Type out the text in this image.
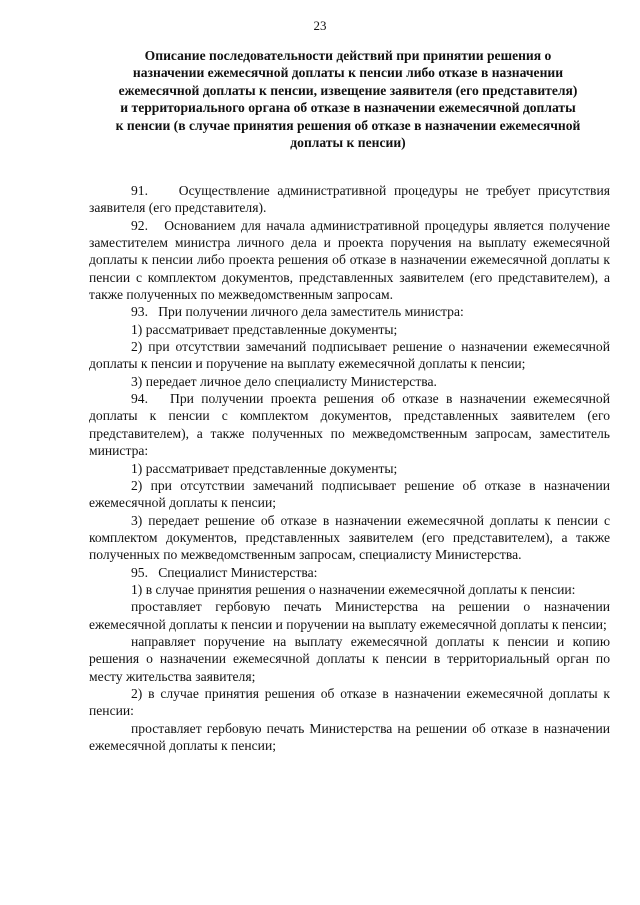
23
Описание последовательности действий при принятии решения о
назначении ежемесячной доплаты к пенсии либо отказе в назначении
ежемесячной доплаты к пенсии, извещение заявителя (его представителя)
и территориального органа об отказе в назначении ежемесячной доплаты
к пенсии (в случае принятия решения об отказе в назначении ежемесячной
доплаты к пенсии)

91.    Осуществление административной процедуры не требует присутствия заявителя (его представителя).

92.   Основанием для начала административной процедуры является получение заместителем министра личного дела и проекта поручения на выплату ежемесячной доплаты к пенсии либо проекта решения об отказе в назначении ежемесячной доплаты к пенсии с комплектом документов, представленных заявителем (его представителем), а также полученных по межведомственным запросам.

93.   При получении личного дела заместитель министра:

1) рассматривает представленные документы;

2) при отсутствии замечаний подписывает решение о назначении ежемесячной доплаты к пенсии и поручение на выплату ежемесячной доплаты к пенсии;

3) передает личное дело специалисту Министерства.

94.   При получении проекта решения об отказе в назначении ежемесячной доплаты к пенсии с комплектом документов, представленных заявителем (его представителем), а также полученных по межведомственным запросам, заместитель министра:

1) рассматривает представленные документы;

2) при отсутствии замечаний подписывает решение об отказе в назначении ежемесячной доплаты к пенсии;

3) передает решение об отказе в назначении ежемесячной доплаты к пенсии с комплектом документов, представленных заявителем (его представителем), а также полученных по межведомственным запросам, специалисту Министерства.

95.   Специалист Министерства:

1) в случае принятия решения о назначении ежемесячной доплаты к пенсии:

проставляет гербовую печать Министерства на решении о назначении ежемесячной доплаты к пенсии и поручении на выплату ежемесячной доплаты к пенсии;

направляет поручение на выплату ежемесячной доплаты к пенсии и копию решения о назначении ежемесячной доплаты к пенсии в территориальный орган по месту жительства заявителя;

2) в случае принятия решения об отказе в назначении ежемесячной доплаты к пенсии:

проставляет гербовую печать Министерства на решении об отказе в назначении ежемесячной доплаты к пенсии;
